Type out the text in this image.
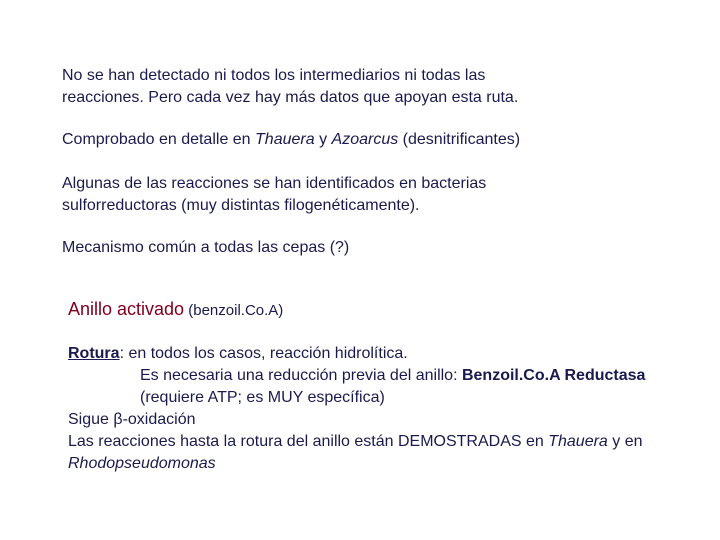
No se han detectado ni todos los intermediarios ni todas las
reacciones. Pero cada vez hay más datos que apoyan esta ruta.
Comprobado en detalle en Thauera y Azoarcus (desnitrificantes)
Algunas de las reacciones se han identificados en bacterias
sulforreductoras (muy distintas filogenéticamente).
Mecanismo común a todas las cepas (?)
Anillo activado (benzoil.Co.A)
Rotura: en todos los casos, reacción hidrolítica.
Es necesaria una reducción previa del anillo: Benzoil.Co.A Reductasa
(requiere ATP; es MUY específica)
Sigue β-oxidación
Las reacciones hasta la rotura del anillo están DEMOSTRADAS en Thauera y en
Rhodopseudomonas
